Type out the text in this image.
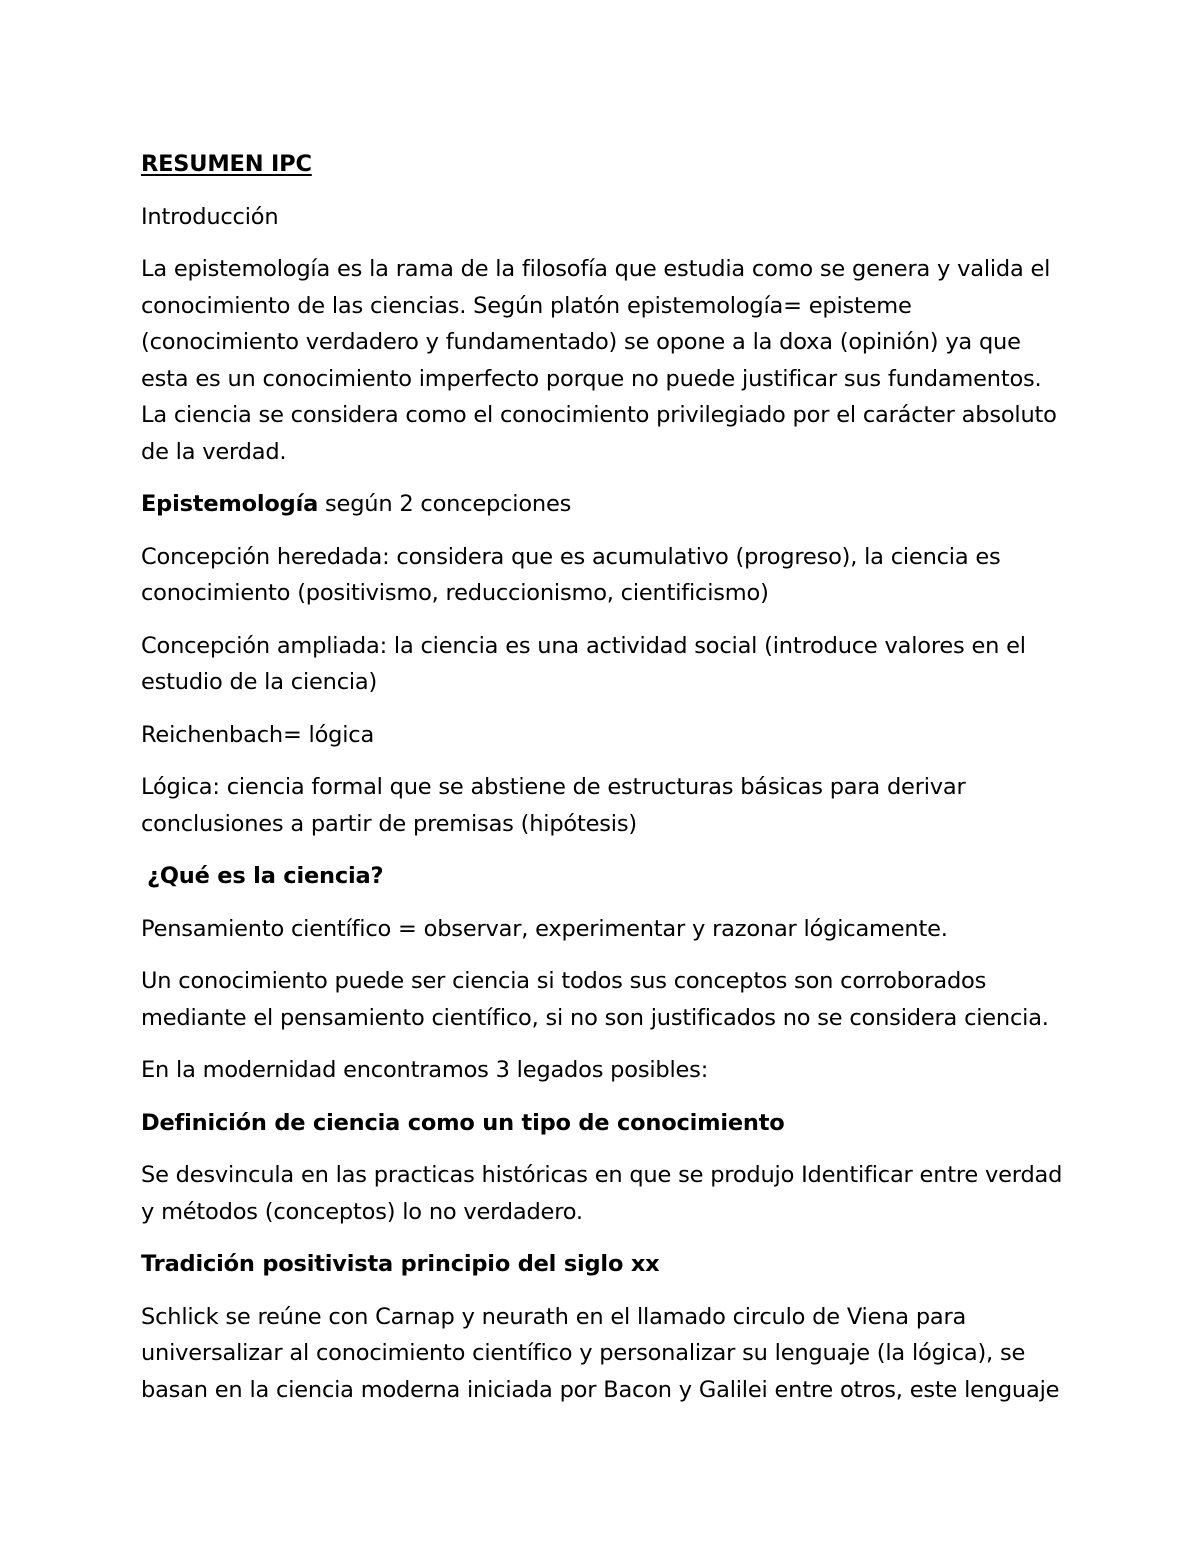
RESUMEN IPC

Introducción

La epistemología es la rama de la filosofía que estudia como se genera y valida el conocimiento de las ciencias. Según platón epistemología= episteme (conocimiento verdadero y fundamentado) se opone a la doxa (opinión) ya que esta es un conocimiento imperfecto porque no puede justificar sus fundamentos. La ciencia se considera como el conocimiento privilegiado por el carácter absoluto de la verdad.

Epistemología según 2 concepciones

Concepción heredada: considera que es acumulativo (progreso), la ciencia es conocimiento (positivismo, reduccionismo, cientificismo)

Concepción ampliada: la ciencia es una actividad social (introduce valores en el estudio de la ciencia)

Reichenbach= lógica

Lógica: ciencia formal que se abstiene de estructuras básicas para derivar conclusiones a partir de premisas (hipótesis)

¿Qué es la ciencia?

Pensamiento científico = observar, experimentar y razonar lógicamente.

Un conocimiento puede ser ciencia si todos sus conceptos son corroborados mediante el pensamiento científico, si no son justificados no se considera ciencia.

En la modernidad encontramos 3 legados posibles:

Definición de ciencia como un tipo de conocimiento

Se desvincula en las practicas históricas en que se produjo Identificar entre verdad y métodos (conceptos) lo no verdadero.

Tradición positivista principio del siglo xx

Schlick se reúne con Carnap y neurath en el llamado circulo de Viena para universalizar al conocimiento científico y personalizar su lenguaje (la lógica), se basan en la ciencia moderna iniciada por Bacon y Galilei entre otros, este lenguaje
